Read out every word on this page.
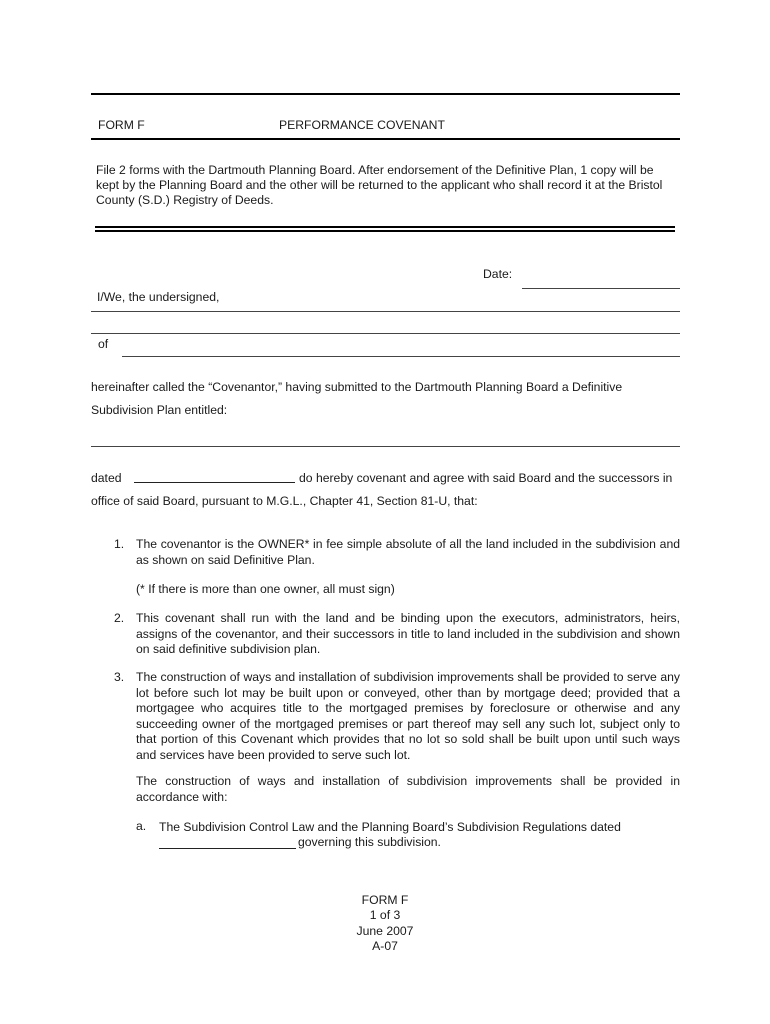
FORM F	PERFORMANCE COVENANT
File 2 forms with the Dartmouth Planning Board. After endorsement of the Definitive Plan, 1 copy will be kept by the Planning Board and the other will be returned to the applicant who shall record it at the Bristol County (S.D.) Registry of Deeds.
Date:
I/We, the undersigned,
of
hereinafter called the “Covenantor,” having submitted to the Dartmouth Planning Board a Definitive
Subdivision Plan entitled:
dated	do hereby covenant and agree with said Board and the successors in
office of said Board, pursuant to M.G.L., Chapter 41, Section 81-U, that:
1. The covenantor is the OWNER* in fee simple absolute of all the land included in the subdivision and as shown on said Definitive Plan.
(* If there is more than one owner, all must sign)
2. This covenant shall run with the land and be binding upon the executors, administrators, heirs, assigns of the covenantor, and their successors in title to land included in the subdivision and shown on said definitive subdivision plan.
3. The construction of ways and installation of subdivision improvements shall be provided to serve any lot before such lot may be built upon or conveyed, other than by mortgage deed; provided that a mortgagee who acquires title to the mortgaged premises by foreclosure or otherwise and any succeeding owner of the mortgaged premises or part thereof may sell any such lot, subject only to that portion of this Covenant which provides that no lot so sold shall be built upon until such ways and services have been provided to serve such lot.
The construction of ways and installation of subdivision improvements shall be provided in accordance with:
a. The Subdivision Control Law and the Planning Board’s Subdivision Regulations dated
governing this subdivision.
FORM F
1 of 3
June 2007
A-07
